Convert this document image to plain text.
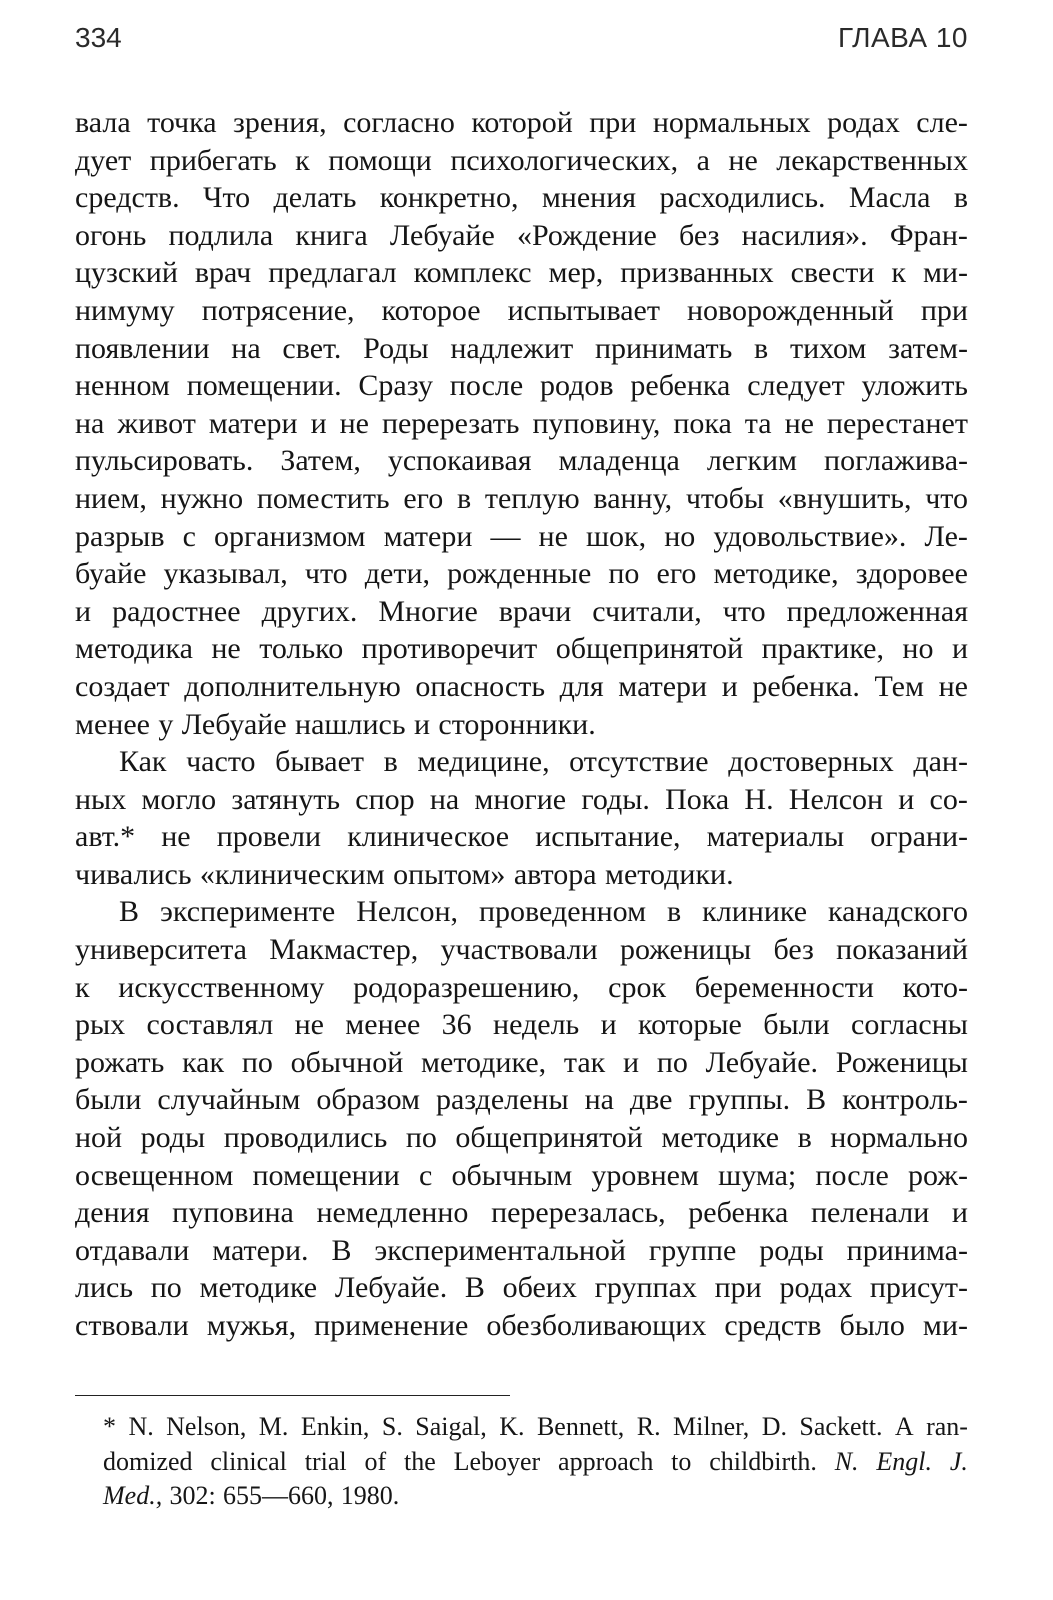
334	ГЛАВА 10
вала точка зрения, согласно которой при нормальных родах сле-
дует прибегать к помощи психологических, а не лекарственных
средств. Что делать конкретно, мнения расходились. Масла в
огонь подлила книга Лебуайе «Рождение без насилия». Фран-
цузский врач предлагал комплекс мер, призванных свести к ми-
нимуму потрясение, которое испытывает новорожденный при
появлении на свет. Роды надлежит принимать в тихом затем-
ненном помещении. Сразу после родов ребенка следует уложить
на живот матери и не перерезать пуповину, пока та не перестанет
пульсировать. Затем, успокаивая младенца легким поглажива-
нием, нужно поместить его в теплую ванну, чтобы «внушить, что
разрыв с организмом матери — не шок, но удовольствие». Ле-
буайе указывал, что дети, рожденные по его методике, здоровее
и радостнее других. Многие врачи считали, что предложенная
методика не только противоречит общепринятой практике, но и
создает дополнительную опасность для матери и ребенка. Тем не
менее у Лебуайе нашлись и сторонники.
Как часто бывает в медицине, отсутствие достоверных дан-
ных могло затянуть спор на многие годы. Пока Н. Нелсон и со-
авт.* не провели клиническое испытание, материалы ограни-
чивались «клиническим опытом» автора методики.
В эксперименте Нелсон, проведенном в клинике канадского
университета Макмастер, участвовали роженицы без показаний
к искусственному родоразрешению, срок беременности кото-
рых составлял не менее 36 недель и которые были согласны
рожать как по обычной методике, так и по Лебуайе. Роженицы
были случайным образом разделены на две группы. В контроль-
ной роды проводились по общепринятой методике в нормально
освещенном помещении с обычным уровнем шума; после рож-
дения пуповина немедленно перерезалась, ребенка пеленали и
отдавали матери. В экспериментальной группе роды принима-
лись по методике Лебуайе. В обеих группах при родах присут-
ствовали мужья, применение обезболивающих средств было ми-
* N. Nelson, M. Enkin, S. Saigal, K. Bennett, R. Milner, D. Sackett. A ran-
domized clinical trial of the Leboyer approach to childbirth. N. Engl. J.
Med., 302: 655—660, 1980.
